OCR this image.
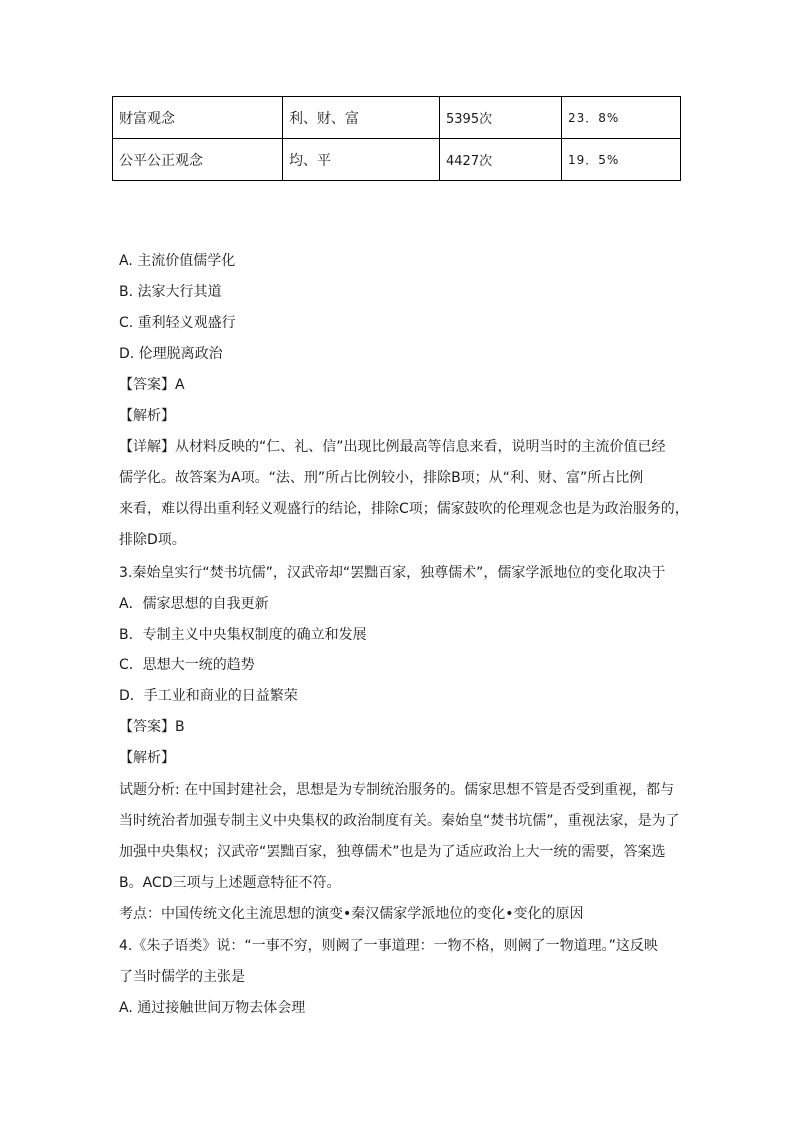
财富观念	利、财、富	5395次	23．8%
公平公正观念	均、平	4427次	19．5%
A. 主流价值儒学化
B. 法家大行其道
C. 重利轻义观盛行
D. 伦理脱离政治
【答案】A
【解析】
【详解】从材料反映的“仁、礼、信”出现比例最高等信息来看，说明当时的主流价值已经
儒学化。故答案为A项。“法、刑”所占比例较小，排除B项；从“利、财、富”所占比例
来看，难以得出重利轻义观盛行的结论，排除C项；儒家鼓吹的伦理观念也是为政治服务的，
排除D项。
3.秦始皇实行“焚书坑儒”，汉武帝却“罢黜百家，独尊儒术”，儒家学派地位的变化取决于
A．儒家思想的自我更新
B．专制主义中央集权制度的确立和发展
C．思想大一统的趋势
D．手工业和商业的日益繁荣
【答案】B
【解析】
试题分析: 在中国封建社会，思想是为专制统治服务的。儒家思想不管是否受到重视，都与
当时统治者加强专制主义中央集权的政治制度有关。秦始皇“焚书坑儒”，重视法家，是为了
加强中央集权；汉武帝“罢黜百家，独尊儒术”也是为了适应政治上大一统的需要，答案选
B。ACD三项与上述题意特征不符。
考点：中国传统文化主流思想的演变•秦汉儒家学派地位的变化•变化的原因
4.《朱子语类》说：“一事不穷，则阙了一事道理：一物不格，则阙了一物道理。”这反映
了当时儒学的主张是
A. 通过接触世间万物去体会理
